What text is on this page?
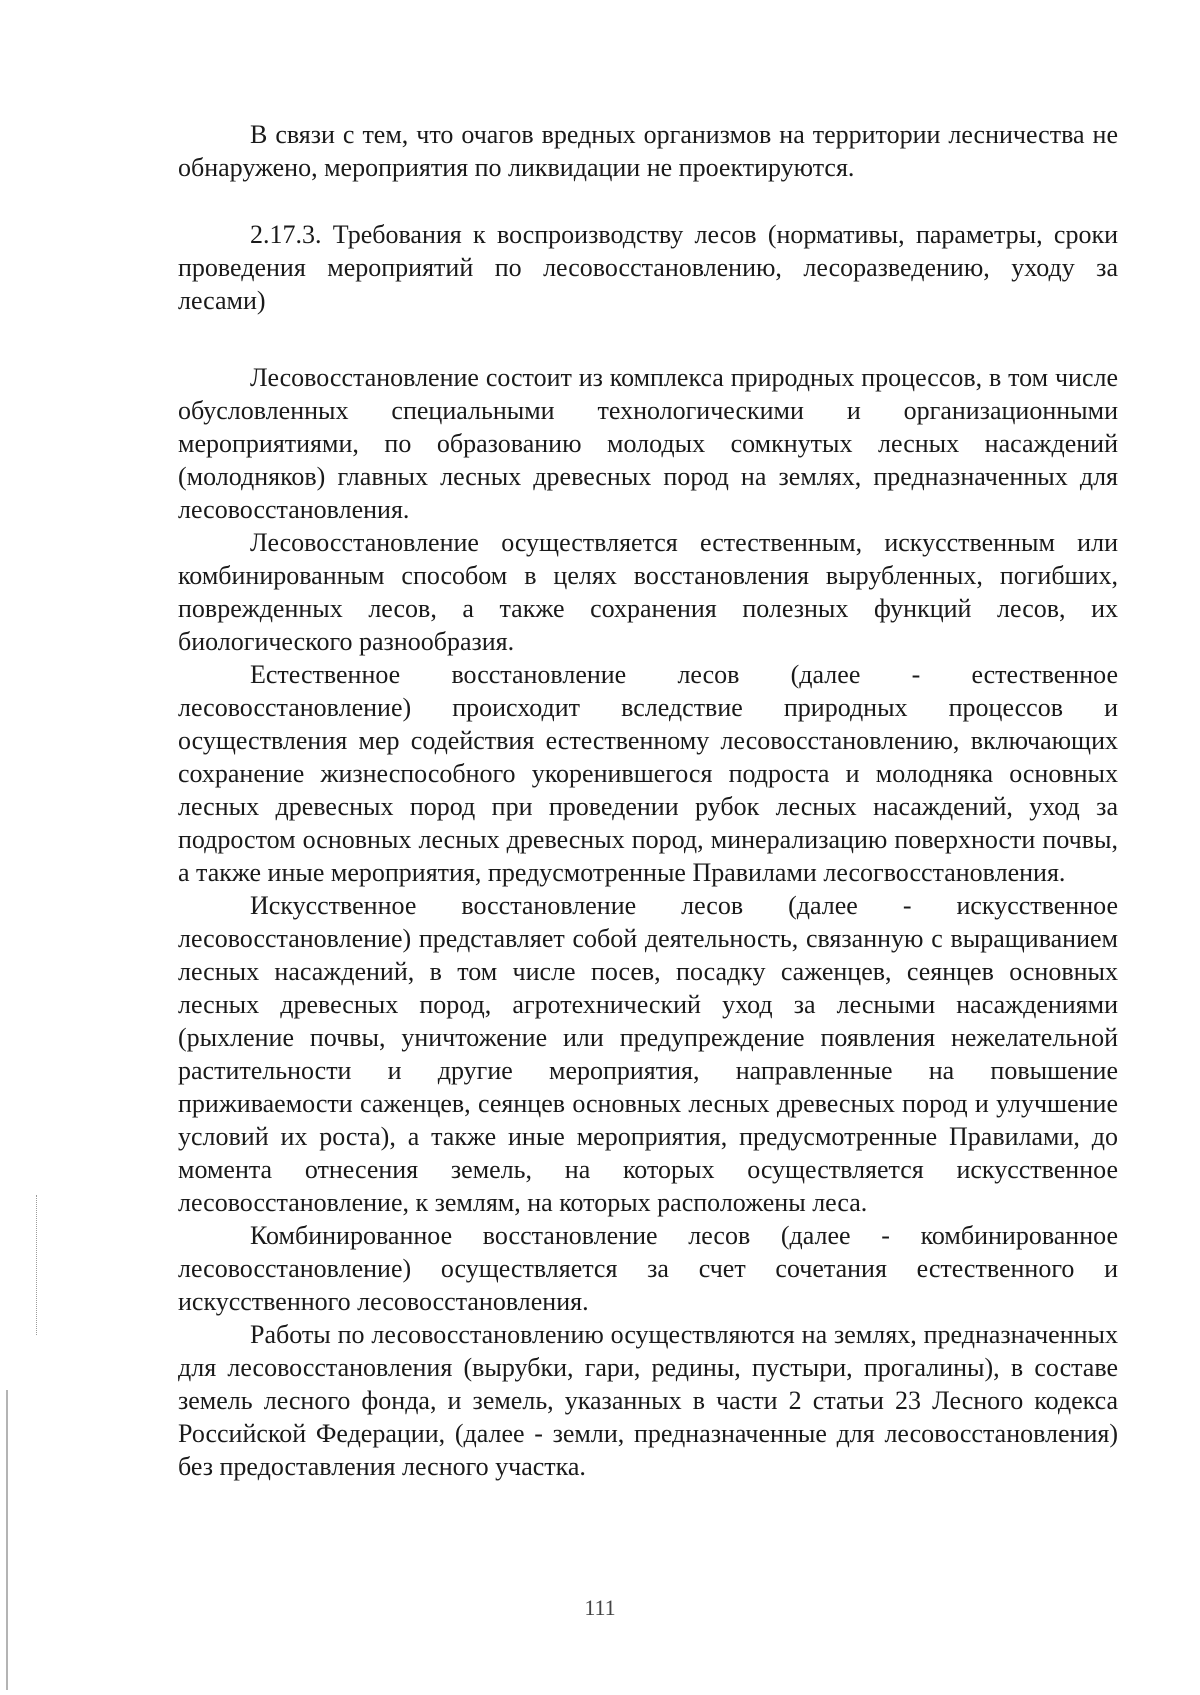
В связи с тем, что очагов вредных организмов на территории лесничества не обнаружено, мероприятия по ликвидации не проектируются.

2.17.3. Требования к воспроизводству лесов (нормативы, параметры, сроки проведения мероприятий по лесовосстановлению, лесоразведению, уходу за лесами)

Лесовосстановление состоит из комплекса природных процессов, в том числе обусловленных специальными технологическими и организационными мероприятиями, по образованию молодых сомкнутых лесных насаждений (молодняков) главных лесных древесных пород на землях, предназначенных для лесовосстановления.

Лесовосстановление осуществляется естественным, искусственным или комбинированным способом в целях восстановления вырубленных, погибших, поврежденных лесов, а также сохранения полезных функций лесов, их биологического разнообразия.

Естественное восстановление лесов (далее - естественное лесовосстановление) происходит вследствие природных процессов и осуществления мер содействия естественному лесовосстановлению, включающих сохранение жизнеспособного укоренившегося подроста и молодняка основных лесных древесных пород при проведении рубок лесных насаждений, уход за подростом основных лесных древесных пород, минерализацию поверхности почвы, а также иные мероприятия, предусмотренные Правилами лесогвосстановления.

Искусственное восстановление лесов (далее - искусственное лесовосстановление) представляет собой деятельность, связанную с выращиванием лесных насаждений, в том числе посев, посадку саженцев, сеянцев основных лесных древесных пород, агротехнический уход за лесными насаждениями (рыхление почвы, уничтожение или предупреждение появления нежелательной растительности и другие мероприятия, направленные на повышение приживаемости саженцев, сеянцев основных лесных древесных пород и улучшение условий их роста), а также иные мероприятия, предусмотренные Правилами, до момента отнесения земель, на которых осуществляется искусственное лесовосстановление, к землям, на которых расположены леса.

Комбинированное восстановление лесов (далее - комбинированное лесовосстановление) осуществляется за счет сочетания естественного и искусственного лесовосстановления.

Работы по лесовосстановлению осуществляются на землях, предназначенных для лесовосстановления (вырубки, гари, редины, пустыри, прогалины), в составе земель лесного фонда, и земель, указанных в части 2 статьи 23 Лесного кодекса Российской Федерации, (далее - земли, предназначенные для лесовосстановления) без предоставления лесного участка.

111
